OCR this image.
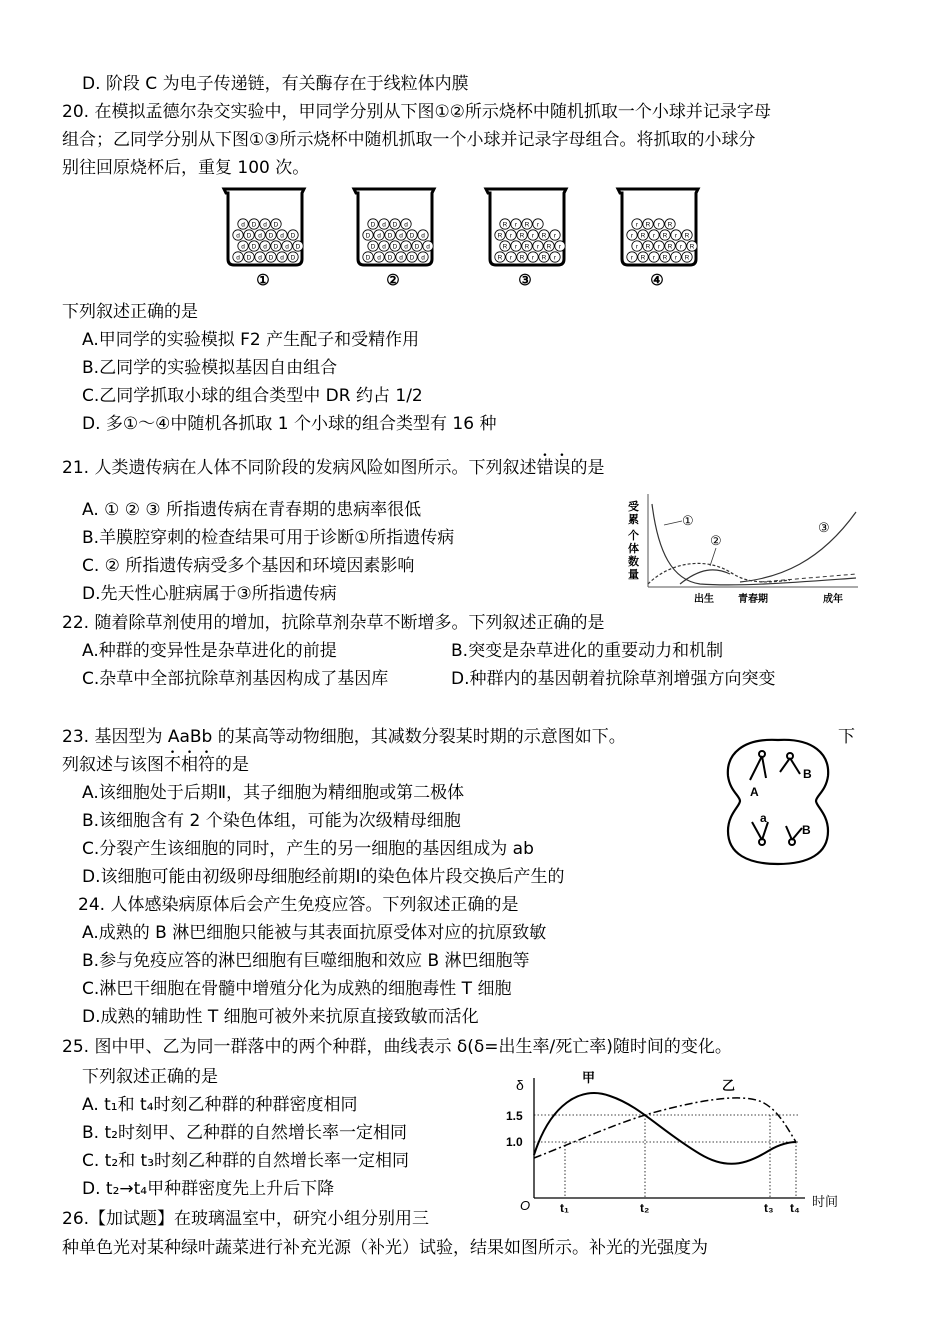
D. 阶段 C 为电子传递链，有关酶存在于线粒体内膜
20. 在模拟孟德尔杂交实验中，甲同学分别从下图①②所示烧杯中随机抓取一个小球并记录字母
组合；乙同学分别从下图①③所示烧杯中随机抓取一个小球并记录字母组合。将抓取的小球分
别往回原烧杯后，重复 100 次。
d D d D d D
d D d D d D
d D d D d D
d D d D
①
D d D d D d
D d D d D d
D d D d D d
D d D d
②
R r R r R r
R r R r R r
R r R r R r
R r R r
③
r R r R r R
r R r R r R
r R r R r R
r R r R
④
下列叙述正确的是
A.甲同学的实验模拟 F2 产生配子和受精作用
B.乙同学的实验模拟基因自由组合
C.乙同学抓取小球的组合类型中 DR 约占 1/2
D. 多①～④中随机各抓取 1 个小球的组合类型有 16 种
21. 人类遗传病在人体不同阶段的发病风险如图所示。下列叙述错误的是
A. ① ② ③ 所指遗传病在青春期的患病率很低
B.羊膜腔穿刺的检查结果可用于诊断①所指遗传病
C. ② 所指遗传病受多个基因和环境因素影响
D.先天性心脏病属于③所指遗传病
受
累
个
体
数
量
①
②
③
出生 青春期	成年
22. 随着除草剂使用的增加，抗除草剂杂草不断增多。下列叙述正确的是
A.种群的变异性是杂草进化的前提	B.突变是杂草进化的重要动力和机制
C.杂草中全部抗除草剂基因构成了基因库	D.种群内的基因朝着抗除草剂增强方向突变
23. 基因型为 AaBb 的某高等动物细胞，其减数分裂某时期的示意图如下。	下
列叙述与该图不相符的是
A.该细胞处于后期Ⅱ，其子细胞为精细胞或第二极体
B.该细胞含有 2 个染色体组，可能为次级精母细胞
C.分裂产生该细胞的同时，产生的另一细胞的基因组成为 ab
D.该细胞可能由初级卵母细胞经前期Ⅰ的染色体片段交换后产生的
A
B
a
B
24. 人体感染病原体后会产生免疫应答。下列叙述正确的是
A.成熟的 B 淋巴细胞只能被与其表面抗原受体对应的抗原致敏
B.参与免疫应答的淋巴细胞有巨噬细胞和效应 B 淋巴细胞等
C.淋巴干细胞在骨髓中增殖分化为成熟的细胞毒性 T 细胞
D.成熟的辅助性 T 细胞可被外来抗原直接致敏而活化
25. 图中甲、乙为同一群落中的两个种群，曲线表示 δ(δ=出生率/死亡率)随时间的变化。
下列叙述正确的是
A. t₁和 t₄时刻乙种群的种群密度相同
B. t₂时刻甲、乙种群的自然增长率一定相同
C. t₂和 t₃时刻乙种群的自然增长率一定相同
D. t₂→t₄甲种群密度先上升后下降
δ
1.5
1.0
甲
乙
O t₁	t₂	t₃ t₄ 时间
26.【加试题】在玻璃温室中，研究小组分别用三
种单色光对某种绿叶蔬菜进行补充光源（补光）试验，结果如图所示。补光的光强度为
